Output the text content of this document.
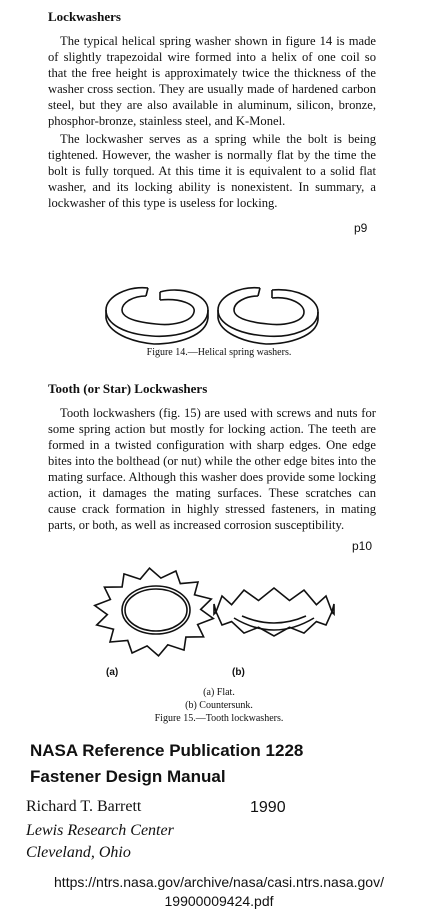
Lockwashers

The typical helical spring washer shown in figure 14 is made of slightly trapezoidal wire formed into a helix of one coil so that the free height is approximately twice the thickness of the washer cross section. They are usually made of hardened carbon steel, but they are also available in aluminum, silicon, bronze, phosphor-bronze, stainless steel, and K-Monel.

The lockwasher serves as a spring while the bolt is being tightened. However, the washer is normally flat by the time the bolt is fully torqued. At this time it is equivalent to a solid flat washer, and its locking ability is nonexistent. In summary, a lockwasher of this type is useless for locking.

p9
Figure 14.—Helical spring washers.
Tooth (or Star) Lockwashers

Tooth lockwashers (fig. 15) are used with screws and nuts for some spring action but mostly for locking action. The teeth are formed in a twisted configuration with sharp edges. One edge bites into the bolthead (or nut) while the other edge bites into the mating surface. Although this washer does provide some locking action, it damages the mating surfaces. These scratches can cause crack formation in highly stressed fasteners, in mating parts, or both, as well as increased corrosion susceptibility.

p10
(a)	(b)
(a) Flat.
(b) Countersunk.
Figure 15.—Tooth lockwashers.
NASA Reference Publication 1228
Fastener Design Manual
Richard T. Barrett	1990
Lewis Research Center
Cleveland, Ohio
https://ntrs.nasa.gov/archive/nasa/casi.ntrs.nasa.gov/
19900009424.pdf
